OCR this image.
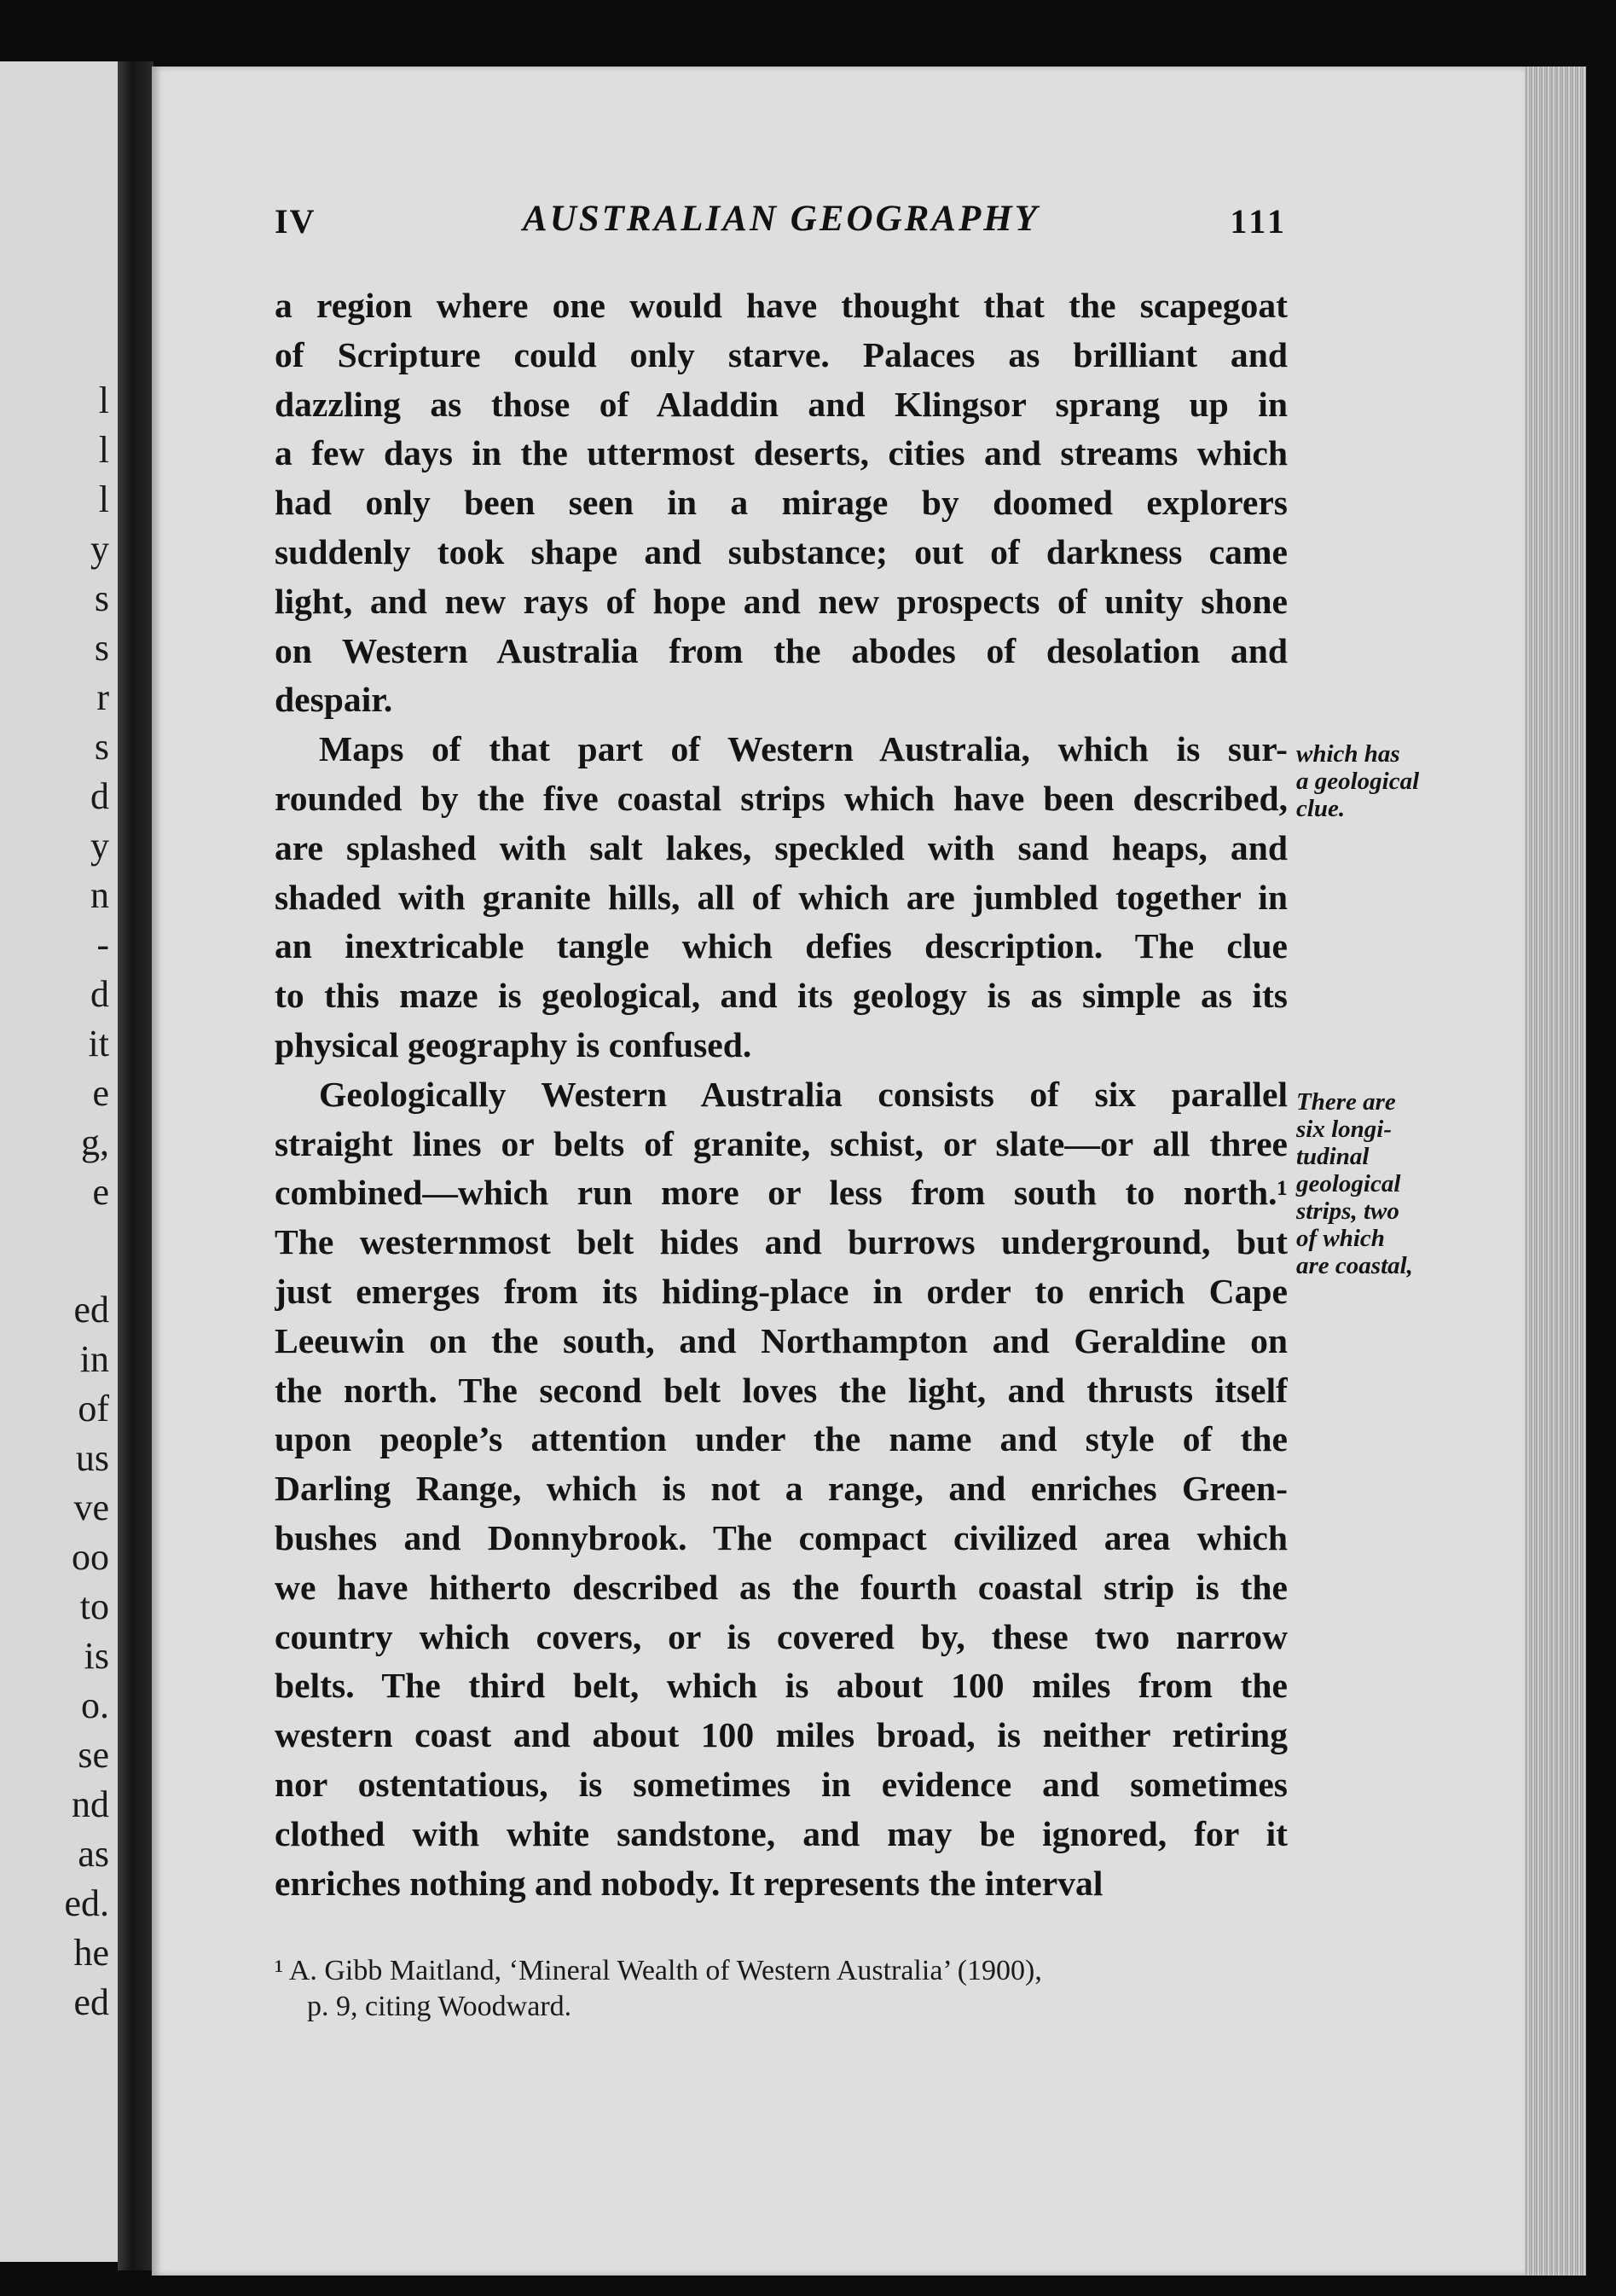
l
l
l
y
s
s
r
s
d
y
n
-
d
it
e
g,
e
ed
in
of
us
ve
oo
to
is
o.
se
nd
as
ed.
he
ed
IV	AUSTRALIAN GEOGRAPHY	111
a region where one would have thought that the scapegoat
of Scripture could only starve. Palaces as brilliant and
dazzling as those of Aladdin and Klingsor sprang up in
a few days in the uttermost deserts, cities and streams which
had only been seen in a mirage by doomed explorers
suddenly took shape and substance; out of darkness came
light, and new rays of hope and new prospects of unity shone
on Western Australia from the abodes of desolation and
despair.
Maps of that part of Western Australia, which is sur-
rounded by the five coastal strips which have been described,
are splashed with salt lakes, speckled with sand heaps, and
shaded with granite hills, all of which are jumbled together in
an inextricable tangle which defies description. The clue
to this maze is geological, and its geology is as simple as its
physical geography is confused.
Geologically Western Australia consists of six parallel
straight lines or belts of granite, schist, or slate—or all three
combined—which run more or less from south to north.¹
The westernmost belt hides and burrows underground, but
just emerges from its hiding-place in order to enrich Cape
Leeuwin on the south, and Northampton and Geraldine on
the north. The second belt loves the light, and thrusts itself
upon people’s attention under the name and style of the
Darling Range, which is not a range, and enriches Green-
bushes and Donnybrook. The compact civilized area which
we have hitherto described as the fourth coastal strip is the
country which covers, or is covered by, these two narrow
belts. The third belt, which is about 100 miles from the
western coast and about 100 miles broad, is neither retiring
nor ostentatious, is sometimes in evidence and sometimes
clothed with white sandstone, and may be ignored, for it
enriches nothing and nobody. It represents the interval
which has
a geological
clue.
There are
six longi-
tudinal
geological
strips, two
of which
are coastal,
¹ A. Gibb Maitland, ‘Mineral Wealth of Western Australia’ (1900),
p. 9, citing Woodward.
